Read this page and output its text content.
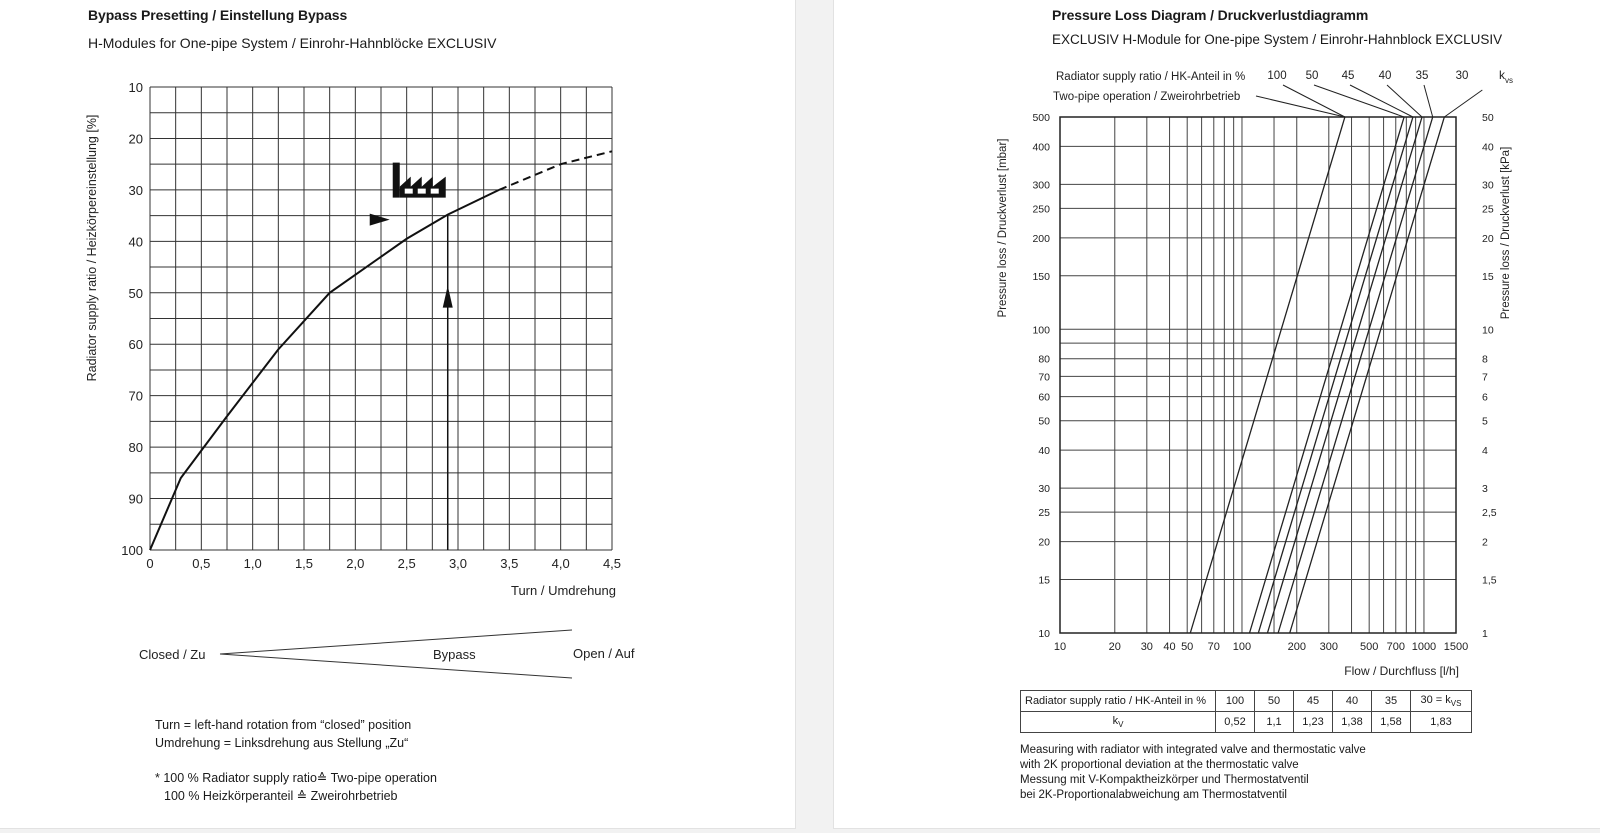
Bypass Presetting / Einstellung Bypass
H-Modules for One-pipe System / Einrohr-Hahnblöcke EXCLUSIV
0	0,5	1,0	1,5	2,0	2,5	3,0	3,5	4,0	4,5
10
20
30
40
50
60
70
80
90
100
Turn / Umdrehung
Radiator supply ratio / Heizkörpereinstellung [%]
Closed / Zu	Bypass	Open / Auf
Turn = left-hand rotation from “closed” position
Umdrehung = Linksdrehung aus Stellung „Zu“
* 100 % Radiator supply ratio≙ Two-pipe operation
100 % Heizkörperanteil ≙ Zweirohrbetrieb
Pressure Loss Diagram / Druckverlustdiagramm
EXCLUSIV H-Module for One-pipe System / Einrohr-Hahnblock EXCLUSIV
10	20 30 40 50 70 100	200 300 500 700 1000 1500
10	1
15	1,5
20	2
25	2,5
30	3
40	4
50	5
60	6
70	7
80	8
100	10
150	15
200	20
250	25
300	30
400	40
500	50
100 50 45 40 35 30
Radiator supply ratio / HK-Anteil in %
Two-pipe operation / Zweirohrbetrieb
$k_{vs}$
Flow / Durchfluss [l/h]
Pressure loss / Druckverlust [mbar]	Pressure loss / Druckverlust [kPa]
Radiator supply ratio / HK-Anteil in %	100	50	45	40	35	$30 = k_{VS}$
$k_V$	0,52	1,1	1,23	1,38	1,58	1,83
Measuring with radiator with integrated valve and thermostatic valve
with 2K proportional deviation at the thermostatic valve
Messung mit V-Kompaktheizkörper und Thermostatventil
bei 2K-Proportionalabweichung am Thermostatventil
